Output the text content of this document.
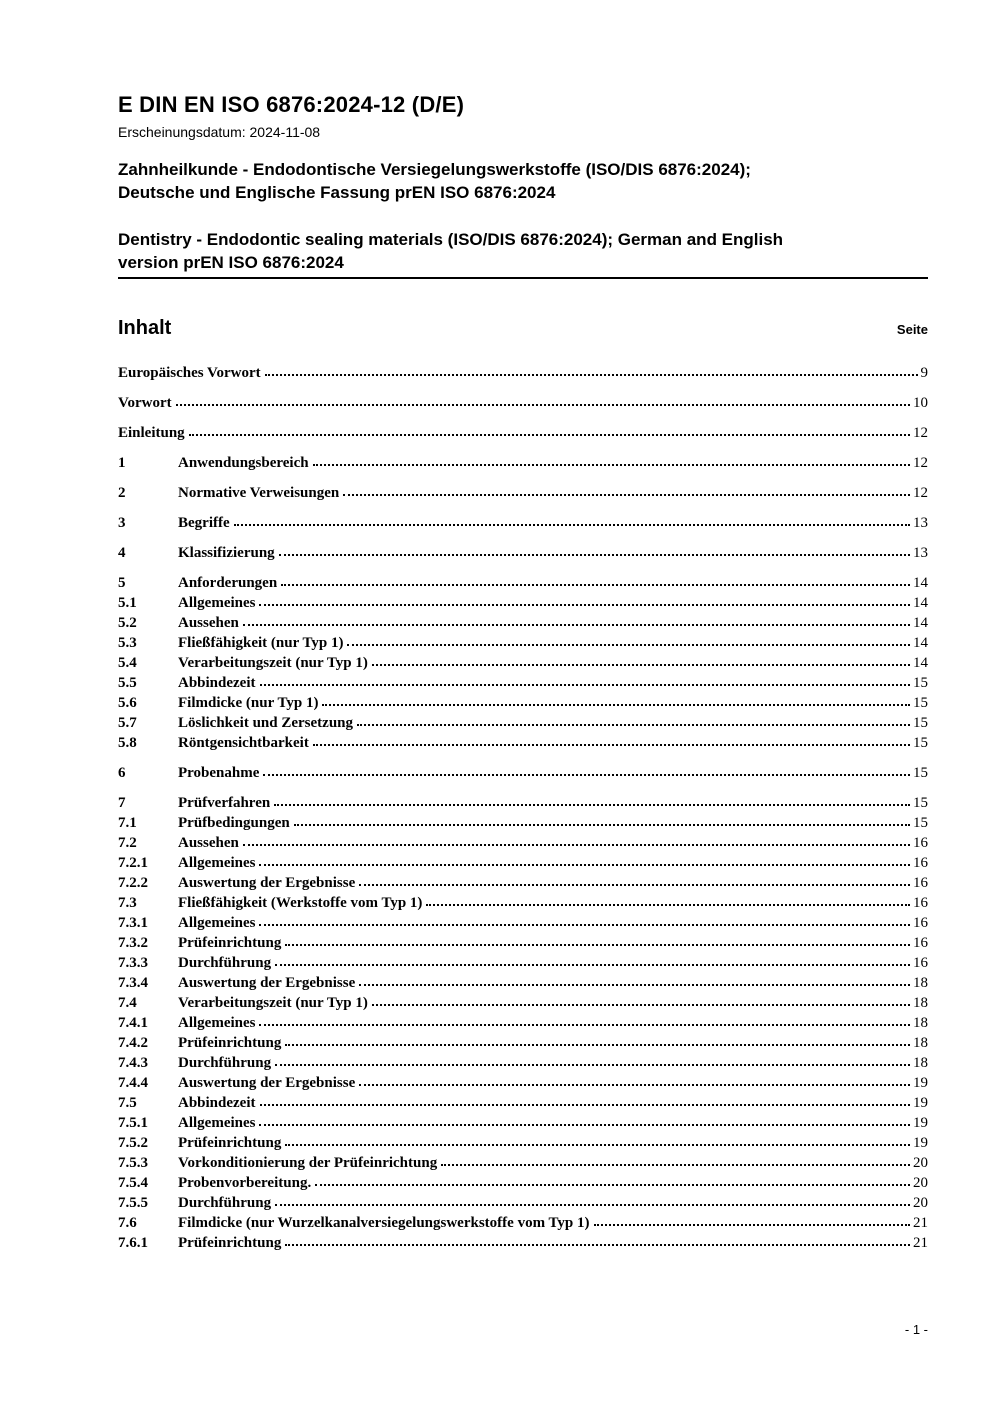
E DIN EN ISO 6876:2024-12 (D/E)
Erscheinungsdatum: 2024-11-08
Zahnheilkunde - Endodontische Versiegelungswerkstoffe (ISO/DIS 6876:2024);
Deutsche und Englische Fassung prEN ISO 6876:2024
Dentistry - Endodontic sealing materials (ISO/DIS 6876:2024); German and English
version prEN ISO 6876:2024
Inhalt	Seite
Europäisches Vorwort	9
Vorwort	10
Einleitung	12
1	Anwendungsbereich	12
2	Normative Verweisungen	12
3	Begriffe	13
4	Klassifizierung	13
5	Anforderungen	14
5.1	Allgemeines	14
5.2	Aussehen	14
5.3	Fließfähigkeit (nur Typ 1)	14
5.4	Verarbeitungszeit (nur Typ 1)	14
5.5	Abbindezeit	15
5.6	Filmdicke (nur Typ 1)	15
5.7	Löslichkeit und Zersetzung	15
5.8	Röntgensichtbarkeit	15
6	Probenahme	15
7	Prüfverfahren	15
7.1	Prüfbedingungen	15
7.2	Aussehen	16
7.2.1	Allgemeines	16
7.2.2	Auswertung der Ergebnisse	16
7.3	Fließfähigkeit (Werkstoffe vom Typ 1)	16
7.3.1	Allgemeines	16
7.3.2	Prüfeinrichtung	16
7.3.3	Durchführung	16
7.3.4	Auswertung der Ergebnisse	18
7.4	Verarbeitungszeit (nur Typ 1)	18
7.4.1	Allgemeines	18
7.4.2	Prüfeinrichtung	18
7.4.3	Durchführung	18
7.4.4	Auswertung der Ergebnisse	19
7.5	Abbindezeit	19
7.5.1	Allgemeines	19
7.5.2	Prüfeinrichtung	19
7.5.3	Vorkonditionierung der Prüfeinrichtung	20
7.5.4	Probenvorbereitung.	20
7.5.5	Durchführung	20
7.6	Filmdicke (nur Wurzelkanalversiegelungswerkstoffe vom Typ 1)	21
7.6.1	Prüfeinrichtung	21
- 1 -
